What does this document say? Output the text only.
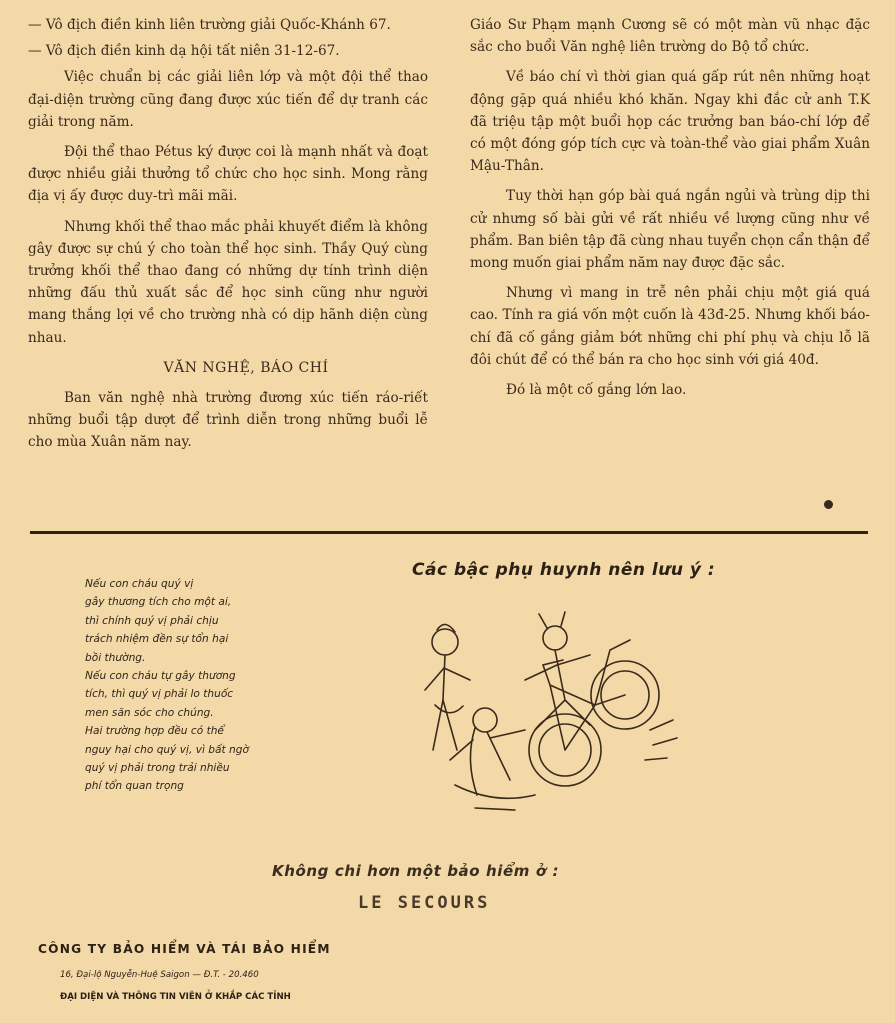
— Vô địch điền kinh liên trường giải Quốc-Khánh 67.

— Vô địch điền kinh dạ hội tất niên 31-12-67.

Việc chuẩn bị các giải liên lớp và một đội thể thao đại-diện trường cũng đang được xúc tiến để dự tranh các giải trong năm.

Đội thể thao Pétus ký được coi là mạnh nhất và đoạt được nhiều giải thưởng tổ chức cho học sinh. Mong rằng địa vị ấy được duy-trì mãi mãi.

Nhưng khối thể thao mắc phải khuyết điểm là không gây được sự chú ý cho toàn thể học sinh. Thầy Quý cùng trưởng khối thể thao đang có những dự tính trình diện những đấu thủ xuất sắc để học sinh cũng như người mang thắng lợi về cho trường nhà có dịp hãnh diện cùng nhau.

VĂN NGHỆ, BÁO CHÍ

Ban văn nghệ nhà trường đương xúc tiến ráo-riết những buổi tập dượt để trình diễn trong những buổi lễ cho mùa Xuân năm nay.

Giáo Sư Phạm mạnh Cương sẽ có một màn vũ nhạc đặc sắc cho buổi Văn nghệ liên trường do Bộ tổ chức.

Về báo chí vì thời gian quá gấp rút nên những hoạt động gặp quá nhiều khó khăn. Ngay khi đắc cử anh T.K đã triệu tập một buổi họp các trưởng ban báo-chí lớp để có một đóng góp tích cực và toàn-thể vào giai phẩm Xuân Mậu-Thân.

Tuy thời hạn góp bài quá ngắn ngủi và trùng dịp thi cử nhưng số bài gửi về rất nhiều về lượng cũng như về phẩm. Ban biên tập đã cùng nhau tuyển chọn cẩn thận để mong muốn giai phẩm năm nay được đặc sắc.

Nhưng vì mang in trễ nên phải chịu một giá quá cao. Tính ra giá vốn một cuốn là 43đ-25. Nhưng khối báo-chí đã cố gắng giảm bớt những chi phí phụ và chịu lỗ lã đôi chút để có thể bán ra cho học sinh với giá 40đ.

Đó là một cố gắng lớn lao.

Nếu con cháu quý vị
gây thương tích cho một ai,
thì chính quý vị phải chịu
trách nhiệm đền sự tổn hại
bồi thường.
Nếu con cháu tự gây thương
tích, thì quý vị phải lo thuốc
men săn sóc cho chúng.
Hai trường hợp đều có thể
nguy hại cho quý vị, vì bất ngờ
quý vị phải trong trải nhiều
phí tổn quan trọng
Các bậc phụ huynh nên lưu ý :
Không chi hơn một bảo hiểm ở :
LE SECOURS
CÔNG TY BẢO HIỂM VÀ TÁI BẢO HIỂM
16, Đại-lộ Nguyễn-Huệ Saigon — Đ.T. - 20.460
ĐẠI DIỆN VÀ THÔNG TIN VIÊN Ở KHẮP CÁC TỈNH
